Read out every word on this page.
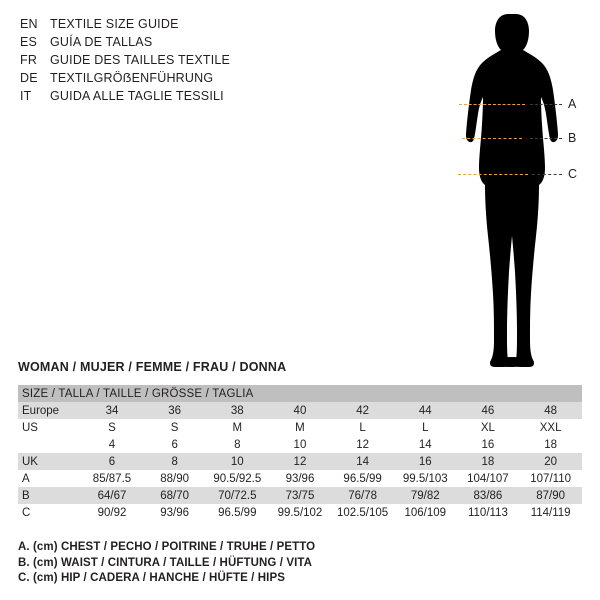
EN TEXTILE SIZE GUIDE
ES	GUÍA DE TALLAS
FR	GUIDE DES TAILLES TEXTILE
DE TEXTILGRÖẞENFÜHRUNG
IT	GUIDA ALLE TAGLIE TESSILI
A
B
C
WOMAN / MUJER / FEMME / FRAU / DONNA
SIZE / TALLA / TAILLE / GRÖSSE / TAGLIA								
Europe	34	36	38	40	42	44	46	48
US	S	S	M	M	L	L	XL	XXL
	4	6	8	10	12	14	16	18
UK	6	8	10	12	14	16	18	20
A	85/87.5	88/90	90.5/92.5	93/96	96.5/99	99.5/103	104/107	107/110
B	64/67	68/70	70/72.5	73/75	76/78	79/82	83/86	87/90
C	90/92	93/96	96.5/99	99.5/102	102.5/105	106/109	110/113	114/119
A. (cm) CHEST / PECHO / POITRINE / TRUHE / PETTO
B. (cm) WAIST / CINTURA / TAILLE / HÜFTUNG / VITA
C. (cm) HIP / CADERA / HANCHE / HÜFTE / HIPS
